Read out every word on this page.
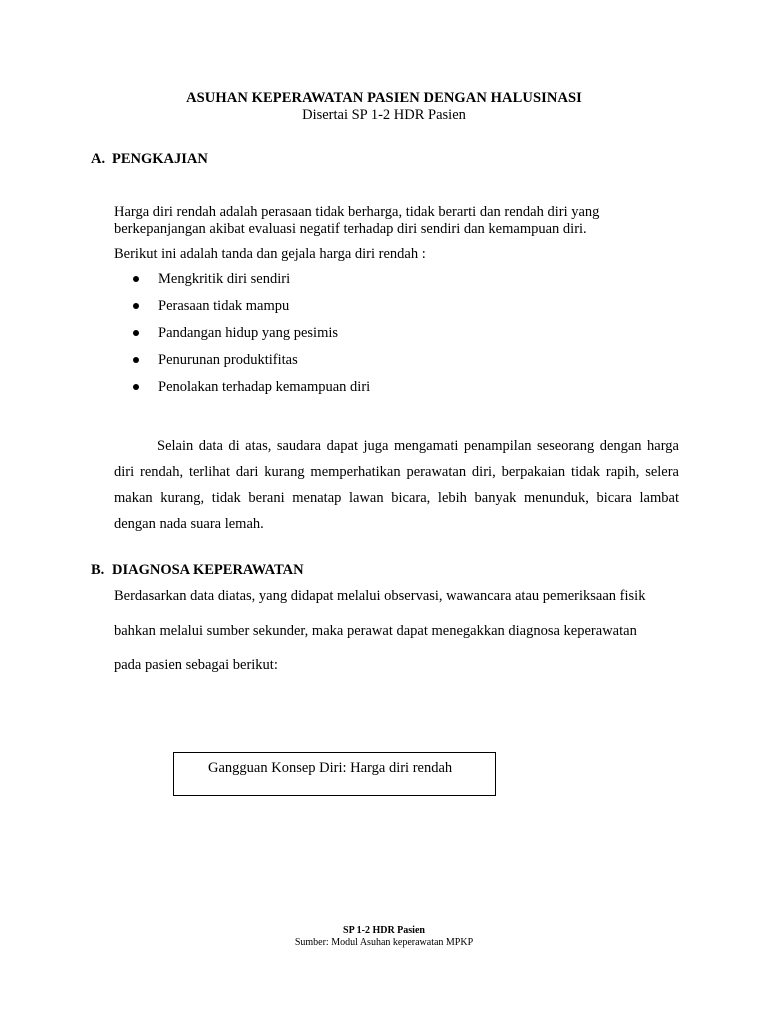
ASUHAN KEPERAWATAN PASIEN DENGAN HALUSINASI
Disertai SP 1-2 HDR Pasien
A. PENGKAJIAN
Harga diri rendah adalah perasaan tidak berharga, tidak berarti dan rendah diri yang berkepanjangan akibat evaluasi negatif terhadap diri sendiri dan kemampuan diri.
Berikut ini adalah tanda dan gejala harga diri rendah :
Mengkritik diri sendiri
Perasaan tidak mampu
Pandangan hidup yang pesimis
Penurunan produktifitas
Penolakan terhadap kemampuan diri
Selain data di atas, saudara dapat juga mengamati penampilan seseorang dengan harga diri rendah, terlihat dari kurang memperhatikan perawatan diri, berpakaian tidak rapih, selera makan kurang, tidak berani menatap lawan bicara, lebih banyak menunduk, bicara lambat dengan nada suara lemah.
B. DIAGNOSA KEPERAWATAN
Berdasarkan data diatas, yang didapat melalui observasi, wawancara atau pemeriksaan fisik
bahkan melalui sumber sekunder, maka perawat dapat menegakkan diagnosa keperawatan
pada pasien sebagai berikut:
Gangguan Konsep Diri: Harga diri rendah
SP 1-2 HDR Pasien
Sumber: Modul Asuhan keperawatan MPKP
